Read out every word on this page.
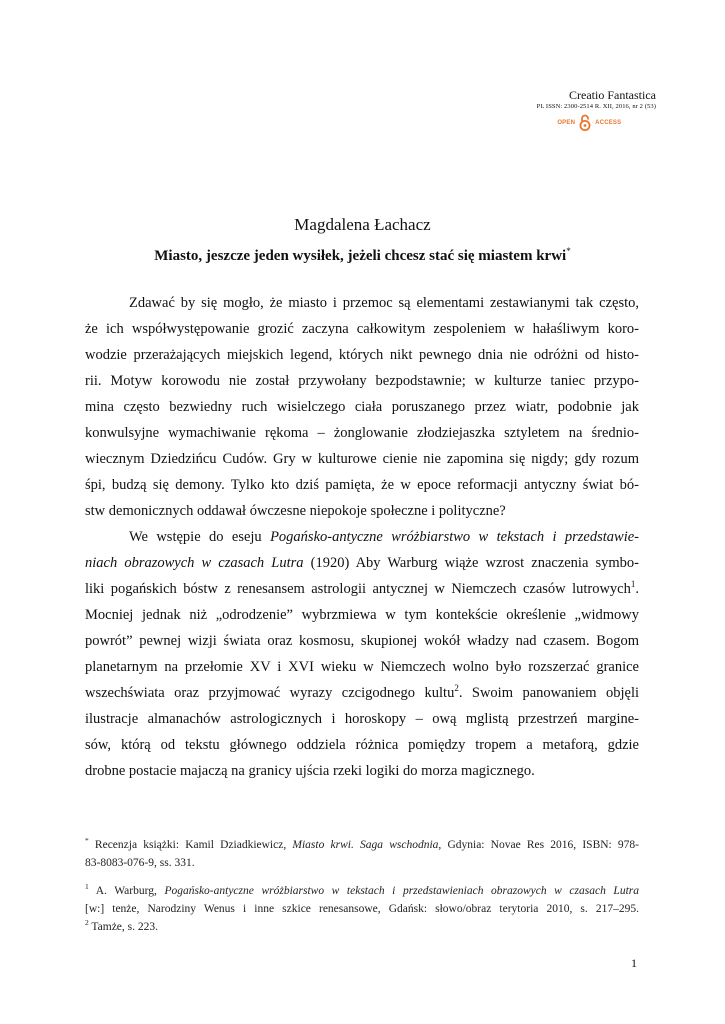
Creatio Fantastica
PL ISSN: 2300-2514 R. XII, 2016, nr 2 (53)
OPEN	ACCESS
Magdalena Łachacz
Miasto, jeszcze jeden wysiłek, jeżeli chcesz stać się miastem krwi*

Zdawać by się mogło, że miasto i przemoc są elementami zestawianymi tak często,
że ich współwystępowanie grozić zaczyna całkowitym zespoleniem w hałaśliwym koro-
wodzie przerażających miejskich legend, których nikt pewnego dnia nie odróżni od histo-
rii. Motyw korowodu nie został przywołany bezpodstawnie; w kulturze taniec przypo-
mina często bezwiedny ruch wisielczego ciała poruszanego przez wiatr, podobnie jak
konwulsyjne wymachiwanie rękoma – żonglowanie złodziejaszka sztyletem na średnio-
wiecznym Dziedzińcu Cudów. Gry w kulturowe cienie nie zapomina się nigdy; gdy rozum
śpi, budzą się demony. Tylko kto dziś pamięta, że w epoce reformacji antyczny świat bó-
stw demonicznych oddawał ówczesne niepokoje społeczne i polityczne?

We wstępie do eseju Pogańsko-antyczne wróżbiarstwo w tekstach i przedstawie-
niach obrazowych w czasach Lutra (1920) Aby Warburg wiąże wzrost znaczenia symbo-
liki pogańskich bóstw z renesansem astrologii antycznej w Niemczech czasów lutrowych$^1$.
Mocniej jednak niż „odrodzenie” wybrzmiewa w tym kontekście określenie „widmowy
powrót” pewnej wizji świata oraz kosmosu, skupionej wokół władzy nad czasem. Bogom
planetarnym na przełomie XV i XVI wieku w Niemczech wolno było rozszerzać granice
wszechświata oraz przyjmować wyrazy czcigodnego kultu$^2$. Swoim panowaniem objęli
ilustracje almanachów astrologicznych i horoskopy – ową mglistą przestrzeń margine-
sów, którą od tekstu głównego oddziela różnica pomiędzy tropem a metaforą, gdzie
drobne postacie majaczą na granicy ujścia rzeki logiki do morza magicznego.

* Recenzja książki: Kamil Dziadkiewicz, Miasto krwi. Saga wschodnia, Gdynia: Novae Res 2016, ISBN: 978-
83-8083-076-9, ss. 331.
$^1$ A. Warburg, Pogańsko-antyczne wróżbiarstwo w tekstach i przedstawieniach obrazowych w czasach Lutra
[w:] tenże, Narodziny Wenus i inne szkice renesansowe, Gdańsk: słowo/obraz terytoria 2010, s. 217–295.
$^2$ Tamże, s. 223.
1
